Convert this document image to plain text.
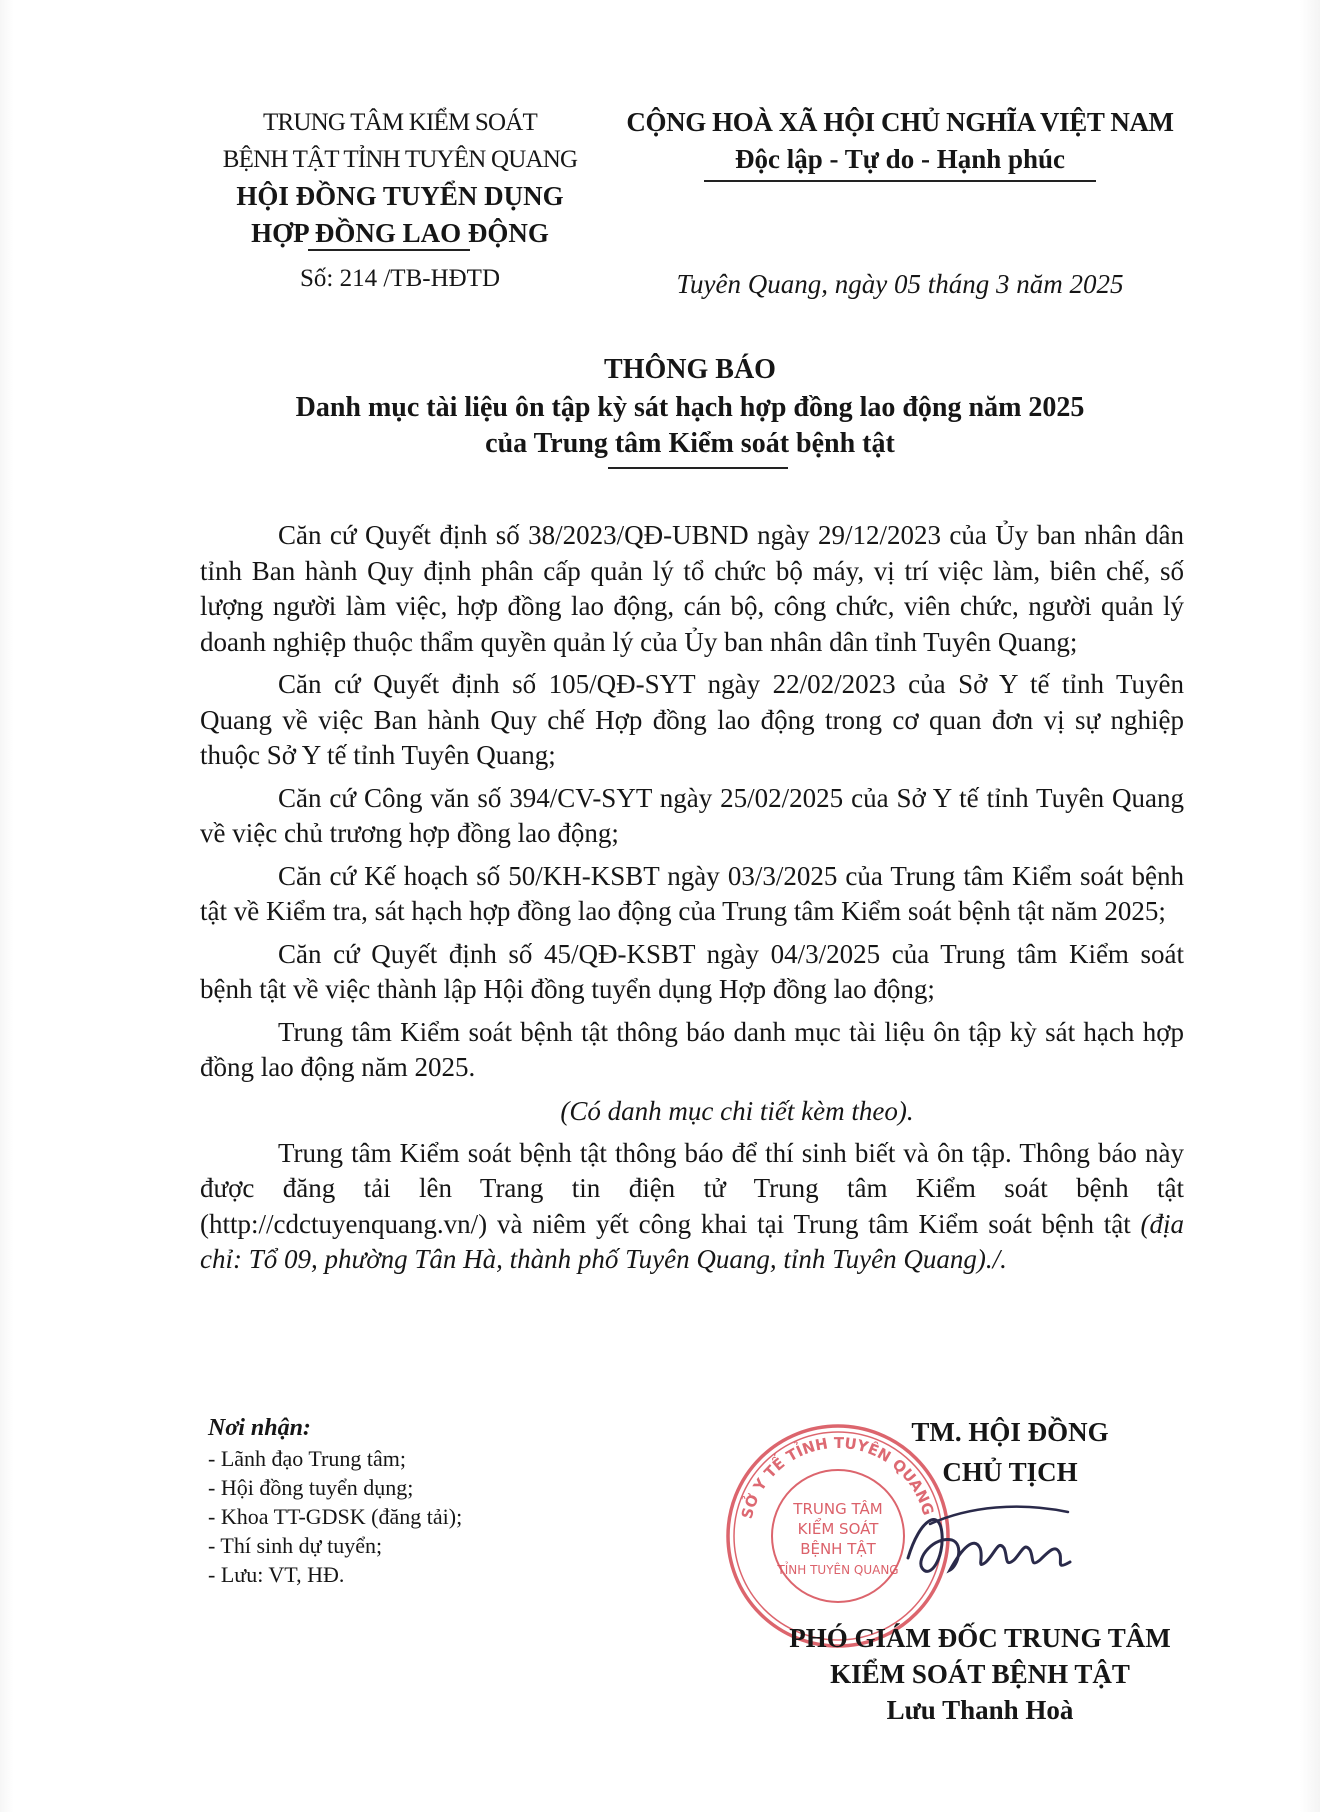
TRUNG TÂM KIỂM SOÁT
BỆNH TẬT TỈNH TUYÊN QUANG
HỘI ĐỒNG TUYỂN DỤNG
HỢP ĐỒNG LAO ĐỘNG
Số: 214 /TB-HĐTD
CỘNG HOÀ XÃ HỘI CHỦ NGHĨA VIỆT NAM
Độc lập - Tự do - Hạnh phúc
Tuyên Quang, ngày 05 tháng 3 năm 2025
THÔNG BÁO
Danh mục tài liệu ôn tập kỳ sát hạch hợp đồng lao động năm 2025
của Trung tâm Kiểm soát bệnh tật

Căn cứ Quyết định số 38/2023/QĐ-UBND ngày 29/12/2023 của Ủy ban nhân dân tỉnh Ban hành Quy định phân cấp quản lý tổ chức bộ máy, vị trí việc làm, biên chế, số lượng người làm việc, hợp đồng lao động, cán bộ, công chức, viên chức, người quản lý doanh nghiệp thuộc thẩm quyền quản lý của Ủy ban nhân dân tỉnh Tuyên Quang;

Căn cứ Quyết định số 105/QĐ-SYT ngày 22/02/2023 của Sở Y tế tỉnh Tuyên Quang về việc Ban hành Quy chế Hợp đồng lao động trong cơ quan đơn vị sự nghiệp thuộc Sở Y tế tỉnh Tuyên Quang;

Căn cứ Công văn số 394/CV-SYT ngày 25/02/2025 của Sở Y tế tỉnh Tuyên Quang về việc chủ trương hợp đồng lao động;

Căn cứ Kế hoạch số 50/KH-KSBT ngày 03/3/2025 của Trung tâm Kiểm soát bệnh tật về Kiểm tra, sát hạch hợp đồng lao động của Trung tâm Kiểm soát bệnh tật năm 2025;

Căn cứ Quyết định số 45/QĐ-KSBT ngày 04/3/2025 của Trung tâm Kiểm soát bệnh tật về việc thành lập Hội đồng tuyển dụng Hợp đồng lao động;

Trung tâm Kiểm soát bệnh tật thông báo danh mục tài liệu ôn tập kỳ sát hạch hợp đồng lao động năm 2025.

(Có danh mục chi tiết kèm theo).

Trung tâm Kiểm soát bệnh tật thông báo để thí sinh biết và ôn tập. Thông báo này được đăng tải lên Trang tin điện tử Trung tâm Kiểm soát bệnh tật (http://cdctuyenquang.vn/) và niêm yết công khai tại Trung tâm Kiểm soát bệnh tật (địa chỉ: Tổ 09, phường Tân Hà, thành phố Tuyên Quang, tỉnh Tuyên Quang)./.

Nơi nhận:
- Lãnh đạo Trung tâm;
- Hội đồng tuyển dụng;
- Khoa TT-GDSK (đăng tải);
- Thí sinh dự tuyển;
- Lưu: VT, HĐ.
TM. HỘI ĐỒNG
CHỦ TỊCH
SỞ Y TẾ TỈNH TUYÊN QUANG
TRUNG TÂM
KIỂM SOÁT
BỆNH TẬT
TỈNH TUYÊN QUANG
PHÓ GIÁM ĐỐC TRUNG TÂM
KIỂM SOÁT BỆNH TẬT
Lưu Thanh Hoà
